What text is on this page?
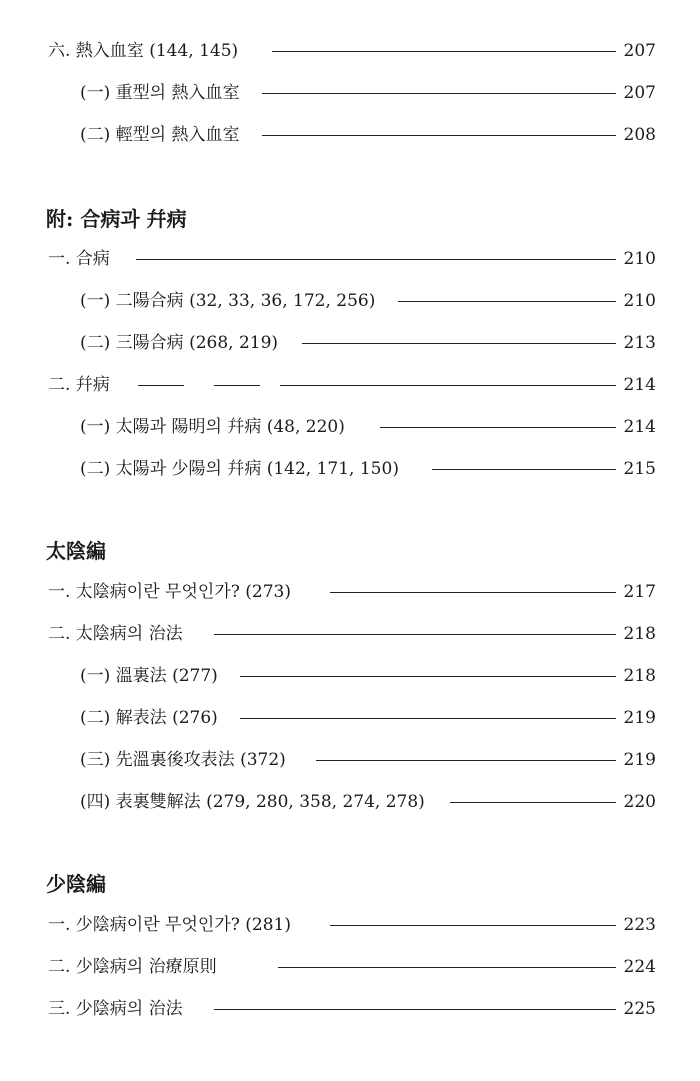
六. 熱入血室 (144, 145)	207
(一) 重型의 熱入血室	207
(二) 輕型의 熱入血室	208
附: 合病과 幷病
一. 合病	210
(一) 二陽合病 (32, 33, 36, 172, 256)	210
(二) 三陽合病 (268, 219)	213
二. 幷病	214
(一) 太陽과 陽明의 幷病 (48, 220)	214
(二) 太陽과 少陽의 幷病 (142, 171, 150)	215
太陰編
一. 太陰病이란 무엇인가? (273)	217
二. 太陰病의 治法	218
(一) 溫裏法 (277)	218
(二) 解表法 (276)	219
(三) 先溫裏後攻表法 (372)	219
(四) 表裏雙解法 (279, 280, 358, 274, 278)	220
少陰編
一. 少陰病이란 무엇인가? (281)	223
二. 少陰病의 治療原則	224
三. 少陰病의 治法	225
